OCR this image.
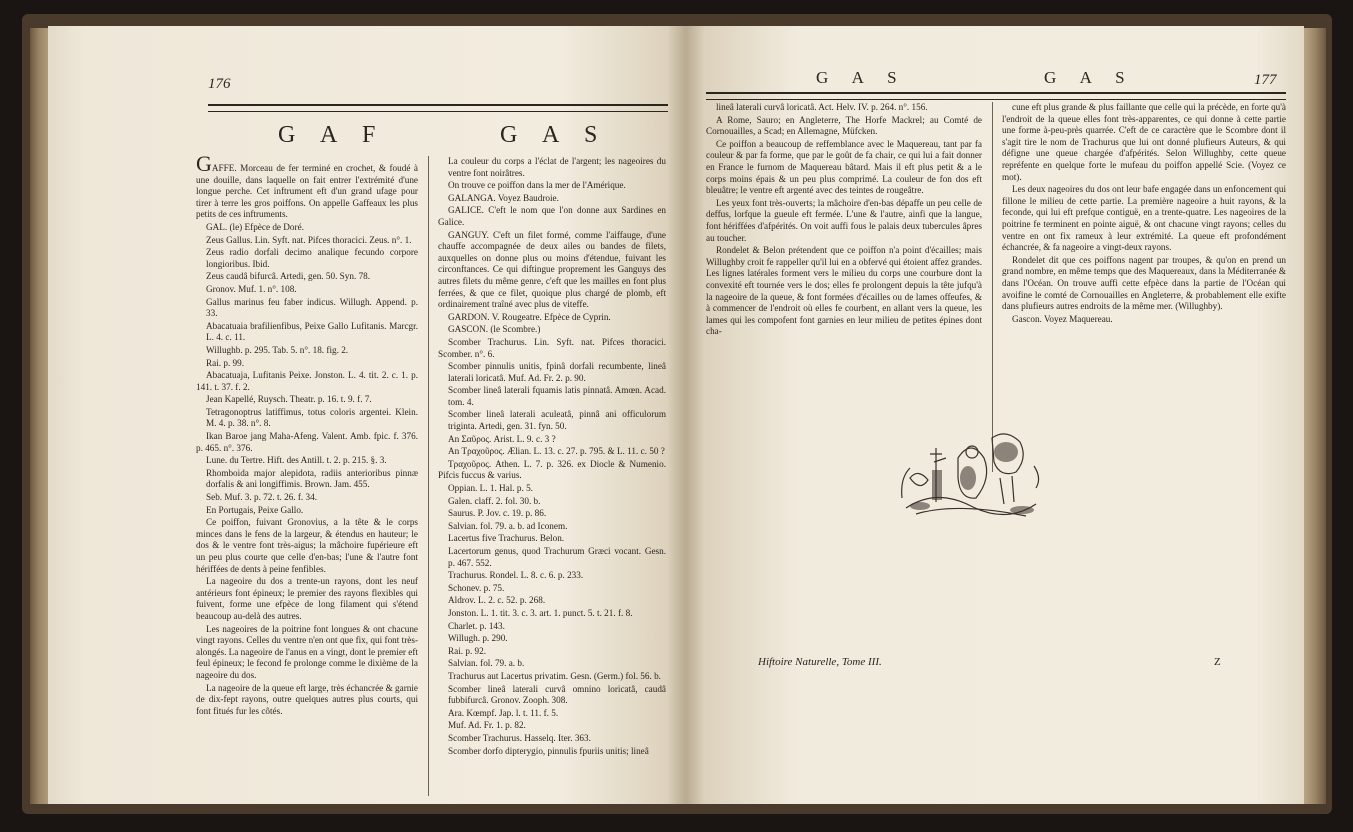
176
G A F	G A S

GAFFE. Morceau de fer terminé en crochet, & foudé à une douille, dans laquelle on fait entrer l'extrémité d'une longue perche. Cet inftrument eft d'un grand ufage pour tirer à terre les gros poiffons. On appelle Gaffeaux les plus petits de ces inftruments.

GAL. (le) Efpèce de Doré.

Zeus Gallus. Lin. Syft. nat. Pifces thoracici. Zeus. n°. 1.

Zeus radio dorfali decimo analique fecundo corpore longioribus. Ibid.

Zeus caudâ bifurcâ. Artedi, gen. 50. Syn. 78.

Gronov. Muf. 1. n°. 108.

Gallus marinus feu faber indicus. Willugh. Append. p. 33.

Abacatuaia brafilienfibus, Peixe Gallo Lufitanis. Marcgr. L. 4. c. 11.

Willughb. p. 295. Tab. 5. n°. 18. fig. 2.

Rai. p. 99.

Abacatuaja, Lufitanis Peixe. Jonston. L. 4. tit. 2. c. 1. p. 141. t. 37. f. 2.

Jean Kapellé, Ruysch. Theatr. p. 16. t. 9. f. 7.

Tetragonoptrus latiffimus, totus coloris argentei. Klein. M. 4. p. 38. n°. 8.

Ikan Baroe jang Maha-Afeng. Valent. Amb. fpic. f. 376. p. 465. n°. 376.

Lune. du Tertre. Hift. des Antill. t. 2. p. 215. §. 3.

Rhomboida major alepidota, radiis anterioribus pinnæ dorfalis & ani longiffimis. Brown. Jam. 455.

Seb. Muf. 3. p. 72. t. 26. f. 34.

En Portugais, Peixe Gallo.

Ce poiffon, fuivant Gronovius, a la tête & le corps minces dans le fens de la largeur, & étendus en hauteur; le dos & le ventre font très-aigus; la mâchoire fupérieure eft un peu plus courte que celle d'en-bas; l'une & l'autre font hériffées de dents à peine fenfibles.

La nageoire du dos a trente-un rayons, dont les neuf antérieurs font épineux; le premier des rayons flexibles qui fuivent, forme une efpèce de long filament qui s'étend beaucoup au-delà des autres.

Les nageoires de la poitrine font longues & ont chacune vingt rayons. Celles du ventre n'en ont que fix, qui font très-alongés. La nageoire de l'anus en a vingt, dont le premier eft feul épineux; le fecond fe prolonge comme le dixième de la nageoire du dos.

La nageoire de la queue eft large, très échancrée & garnie de dix-fept rayons, outre quelques autres plus courts, qui font fitués fur les côtés.

La couleur du corps a l'éclat de l'argent; les nageoires du ventre font noirâtres.

On trouve ce poiffon dans la mer de l'Amérique.

GALANGA. Voyez Baudroie.

GALICE. C'eft le nom que l'on donne aux Sardines en Galice.

GANGUY. C'eft un filet formé, comme l'aiffauge, d'une chauffe accompagnée de deux ailes ou bandes de filets, auxquelles on donne plus ou moins d'étendue, fuivant les circonftances. Ce qui diftingue proprement les Ganguys des autres filets du même genre, c'eft que les mailles en font plus ferrées, & que ce filet, quoique plus chargé de plomb, eft ordinairement traîné avec plus de viteffe.

GARDON. V. Rougeatre. Efpèce de Cyprin.

GASCON. (le Scombre.)

Scomber Trachurus. Lin. Syft. nat. Pifces thoracici. Scomber. n°. 6.

Scomber pinnulis unitis, fpinâ dorfali recumbente, lineâ laterali loricatâ. Muf. Ad. Fr. 2. p. 90.

Scomber lineâ laterali fquamis latis pinnatâ. Amœn. Acad. tom. 4.

Scomber lineâ laterali aculeatâ, pinnâ ani officulorum triginta. Artedi, gen. 31. fyn. 50.

An Σαῦρος. Arist. L. 9. c. 3 ?

An Τραχοῦρος. Ælian. L. 13. c. 27. p. 795. & L. 11. c. 50 ?

Τραχοῦρος. Athen. L. 7. p. 326. ex Diocle & Numenio. Pifcis fuccus & varius.

Oppian. L. 1. Hal. p. 5.

Galen. claff. 2. fol. 30. b.

Saurus. P. Jov. c. 19. p. 86.

Salvian. fol. 79. a. b. ad Iconem.

Lacertus five Trachurus. Belon.

Lacertorum genus, quod Trachurum Græci vocant. Gesn. p. 467. 552.

Trachurus. Rondel. L. 8. c. 6. p. 233.

Schonev. p. 75.

Aldrov. L. 2. c. 52. p. 268.

Jonston. L. 1. tit. 3. c. 3. art. 1. punct. 5. t. 21. f. 8.

Charlet. p. 143.

Willugh. p. 290.

Rai. p. 92.

Salvian. fol. 79. a. b.

Trachurus aut Lacertus privatim. Gesn. (Germ.) fol. 56. b.

Scomber lineâ laterali curvâ omnino loricatâ, caudâ fubbifurcâ. Gronov. Zooph. 308.

Ara. Kœmpf. Jap. l. t. 11. f. 5.

Muf. Ad. Fr. 1. p. 82.

Scomber Trachurus. Hasselq. Iter. 363.

Scomber dorfo dipterygio, pinnulis fpuriis unitis; lineâ

G A S	G A S	177

lineâ laterali curvâ loricatâ. Act. Helv. IV. p. 264. n°. 156.

A Rome, Sauro; en Angleterre, The Horfe Mackrel; au Comté de Cornouailles, a Scad; en Allemagne, Müfcken.

Ce poiffon a beaucoup de reffemblance avec le Maquereau, tant par fa couleur & par fa forme, que par le goût de fa chair, ce qui lui a fait donner en France le furnom de Maquereau bâtard. Mais il eft plus petit & a le corps moins épais & un peu plus comprimé. La couleur de fon dos eft bleuâtre; le ventre eft argenté avec des teintes de rougeâtre.

Les yeux font très-ouverts; la mâchoire d'en-bas dépaffe un peu celle de deffus, lorfque la gueule eft fermée. L'une & l'autre, ainfi que la langue, font hériffées d'afpérités. On voit auffi fous le palais deux tubercules âpres au toucher.

Rondelet & Belon prétendent que ce poiffon n'a point d'écailles; mais Willughby croit fe rappeller qu'il lui en a obfervé qui étoient affez grandes. Les lignes latérales forment vers le milieu du corps une courbure dont la convexité eft tournée vers le dos; elles fe prolongent depuis la tête jufqu'à la nageoire de la queue, & font formées d'écailles ou de lames offeufes, & à commencer de l'endroit où elles fe courbent, en allant vers la queue, les lames qui les compofent font garnies en leur milieu de petites épines dont cha-

cune eft plus grande & plus faillante que celle qui la précède, en forte qu'à l'endroit de la queue elles font très-apparentes, ce qui donne à cette partie une forme à-peu-près quarrée. C'eft de ce caractère que le Scombre dont il s'agit tire le nom de Trachurus que lui ont donné plufieurs Auteurs, & qui défigne une queue chargée d'afpérités. Selon Willughby, cette queue repréfente en quelque forte le mufeau du poiffon appellé Scie. (Voyez ce mot).

Les deux nageoires du dos ont leur bafe engagée dans un enfoncement qui fillone le milieu de cette partie. La première nageoire a huit rayons, & la feconde, qui lui eft prefque contiguë, en a trente-quatre. Les nageoires de la poitrine fe terminent en pointe aiguë, & ont chacune vingt rayons; celles du ventre en ont fix rameux à leur extrémité. La queue eft profondément échancrée, & fa nageoire a vingt-deux rayons.

Rondelet dit que ces poiffons nagent par troupes, & qu'on en prend un grand nombre, en même temps que des Maquereaux, dans la Méditerranée & dans l'Océan. On trouve auffi cette efpèce dans la partie de l'Océan qui avoifine le comté de Cornouailles en Angleterre, & probablement elle exifte dans plufieurs autres endroits de la même mer. (Willughby).

Gascon. Voyez Maquereau.

Hiftoire Naturelle, Tome III.	Z
